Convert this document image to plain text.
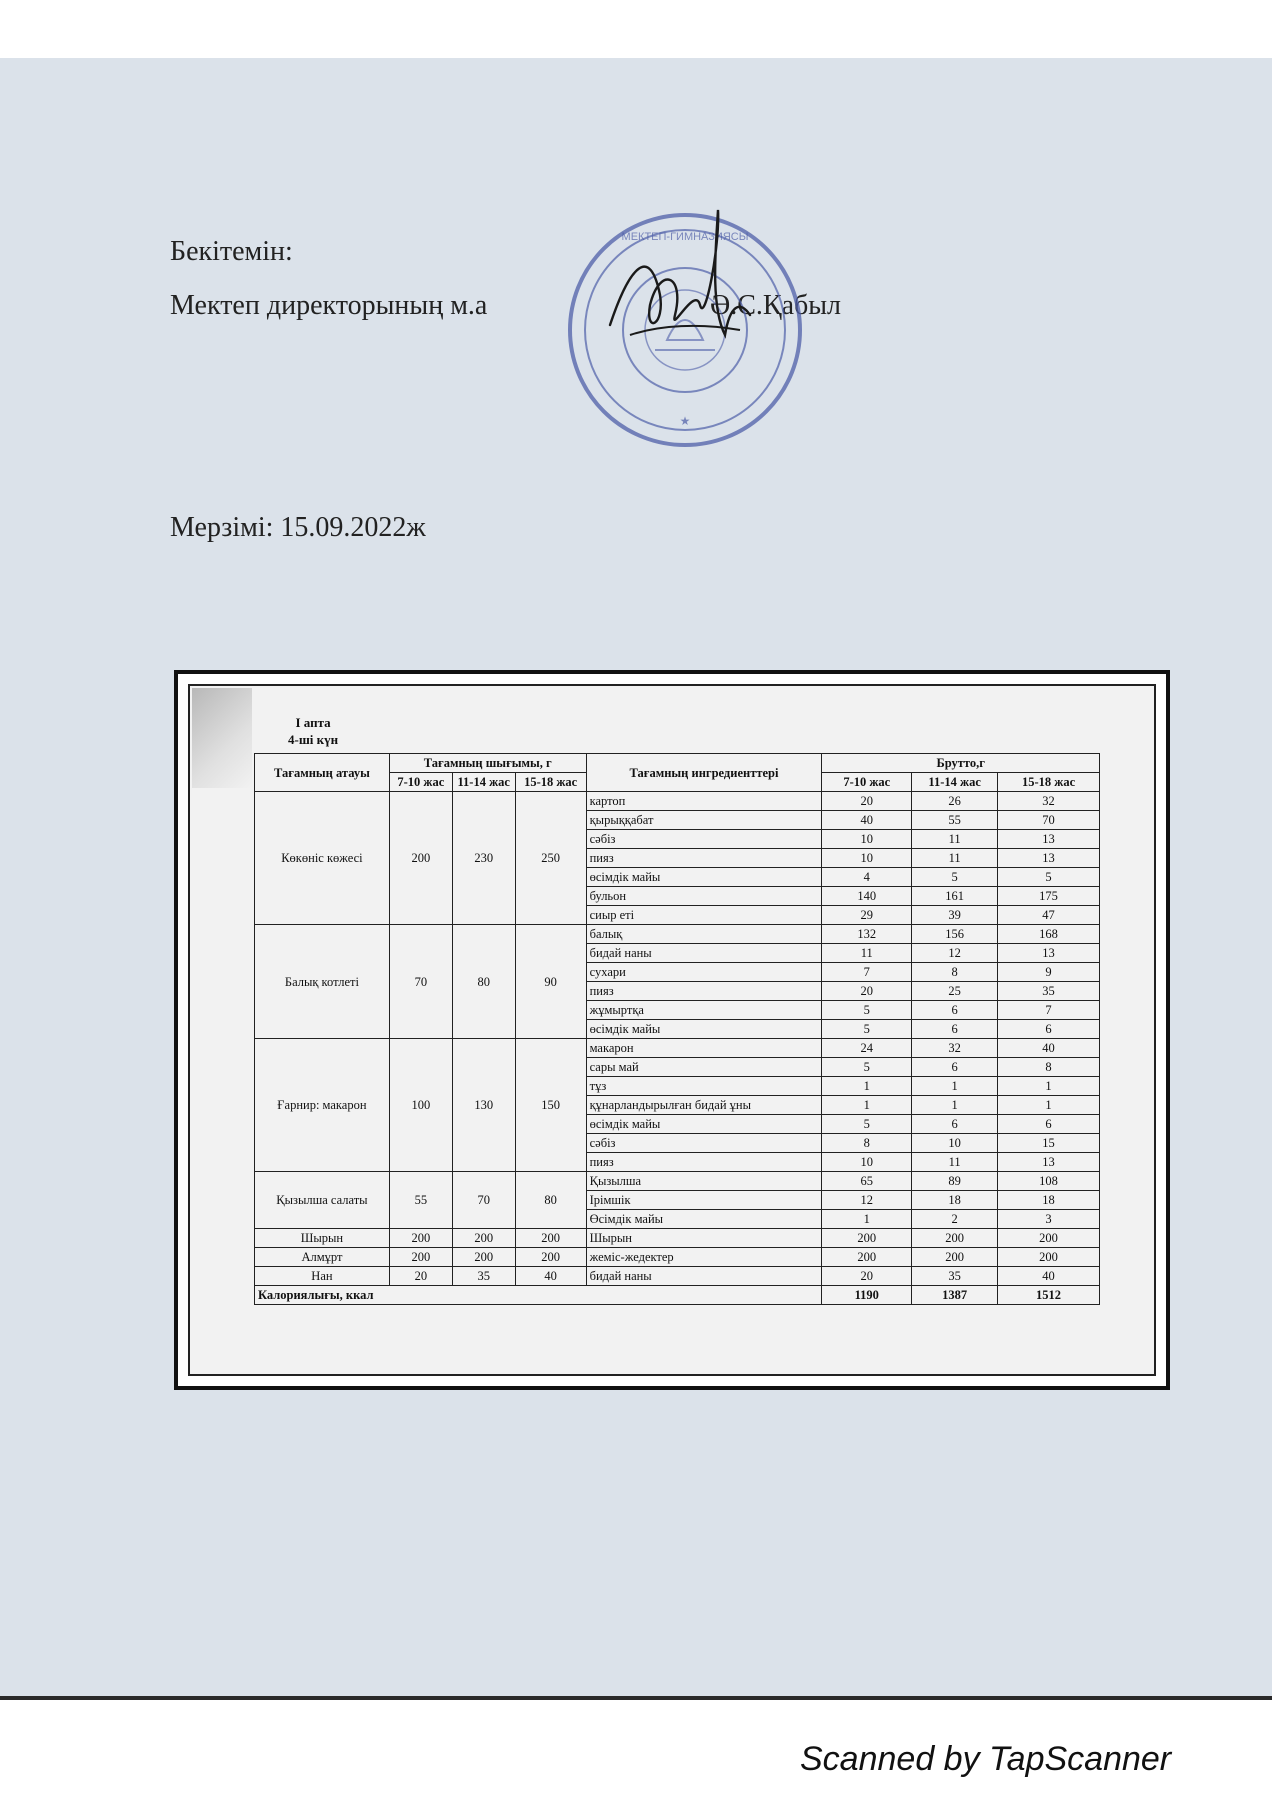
Бекітемін:
Мектеп директорының м.а	Ә.С.Қабыл
МЕКТЕП-ГИМНАЗИЯСЫ
★
Мерзімі: 15.09.2022ж
I апта
4-ші күн
Тағамның атауы	Тағамның шығымы, г			Тағамның ингредиенттері	Брутто,г		
	7-10 жас	11-14 жас	15-18 жас		7-10 жас	11-14 жас	15-18 жас
Көкөніс көжесі	200	230	250	картоп	20	26	32
				қырыққабат	40	55	70
				сәбіз	10	11	13
				пияз	10	11	13
				өсімдік майы	4	5	5
				бульон	140	161	175
				сиыр еті	29	39	47
Балық котлеті	70	80	90	балық	132	156	168
				бидай наны	11	12	13
				сухари	7	8	9
				пияз	20	25	35
				жұмыртқа	5	6	7
				өсімдік майы	5	6	6
Ғарнир: макарон	100	130	150	макарон	24	32	40
				сары май	5	6	8
				тұз	1	1	1
				құнарландырылған бидай ұны	1	1	1
				өсімдік майы	5	6	6
				сәбіз	8	10	15
				пияз	10	11	13
Қызылша салаты	55	70	80	Қызылша	65	89	108
				Ірімшік	12	18	18
				Өсімдік майы	1	2	3
Шырын	200	200	200	Шырын	200	200	200
Алмұрт	200	200	200	жеміс-жедектер	200	200	200
Нан	20	35	40	бидай наны	20	35	40
Калориялығы, ккал					1190	1387	1512
Scanned by TapScanner
